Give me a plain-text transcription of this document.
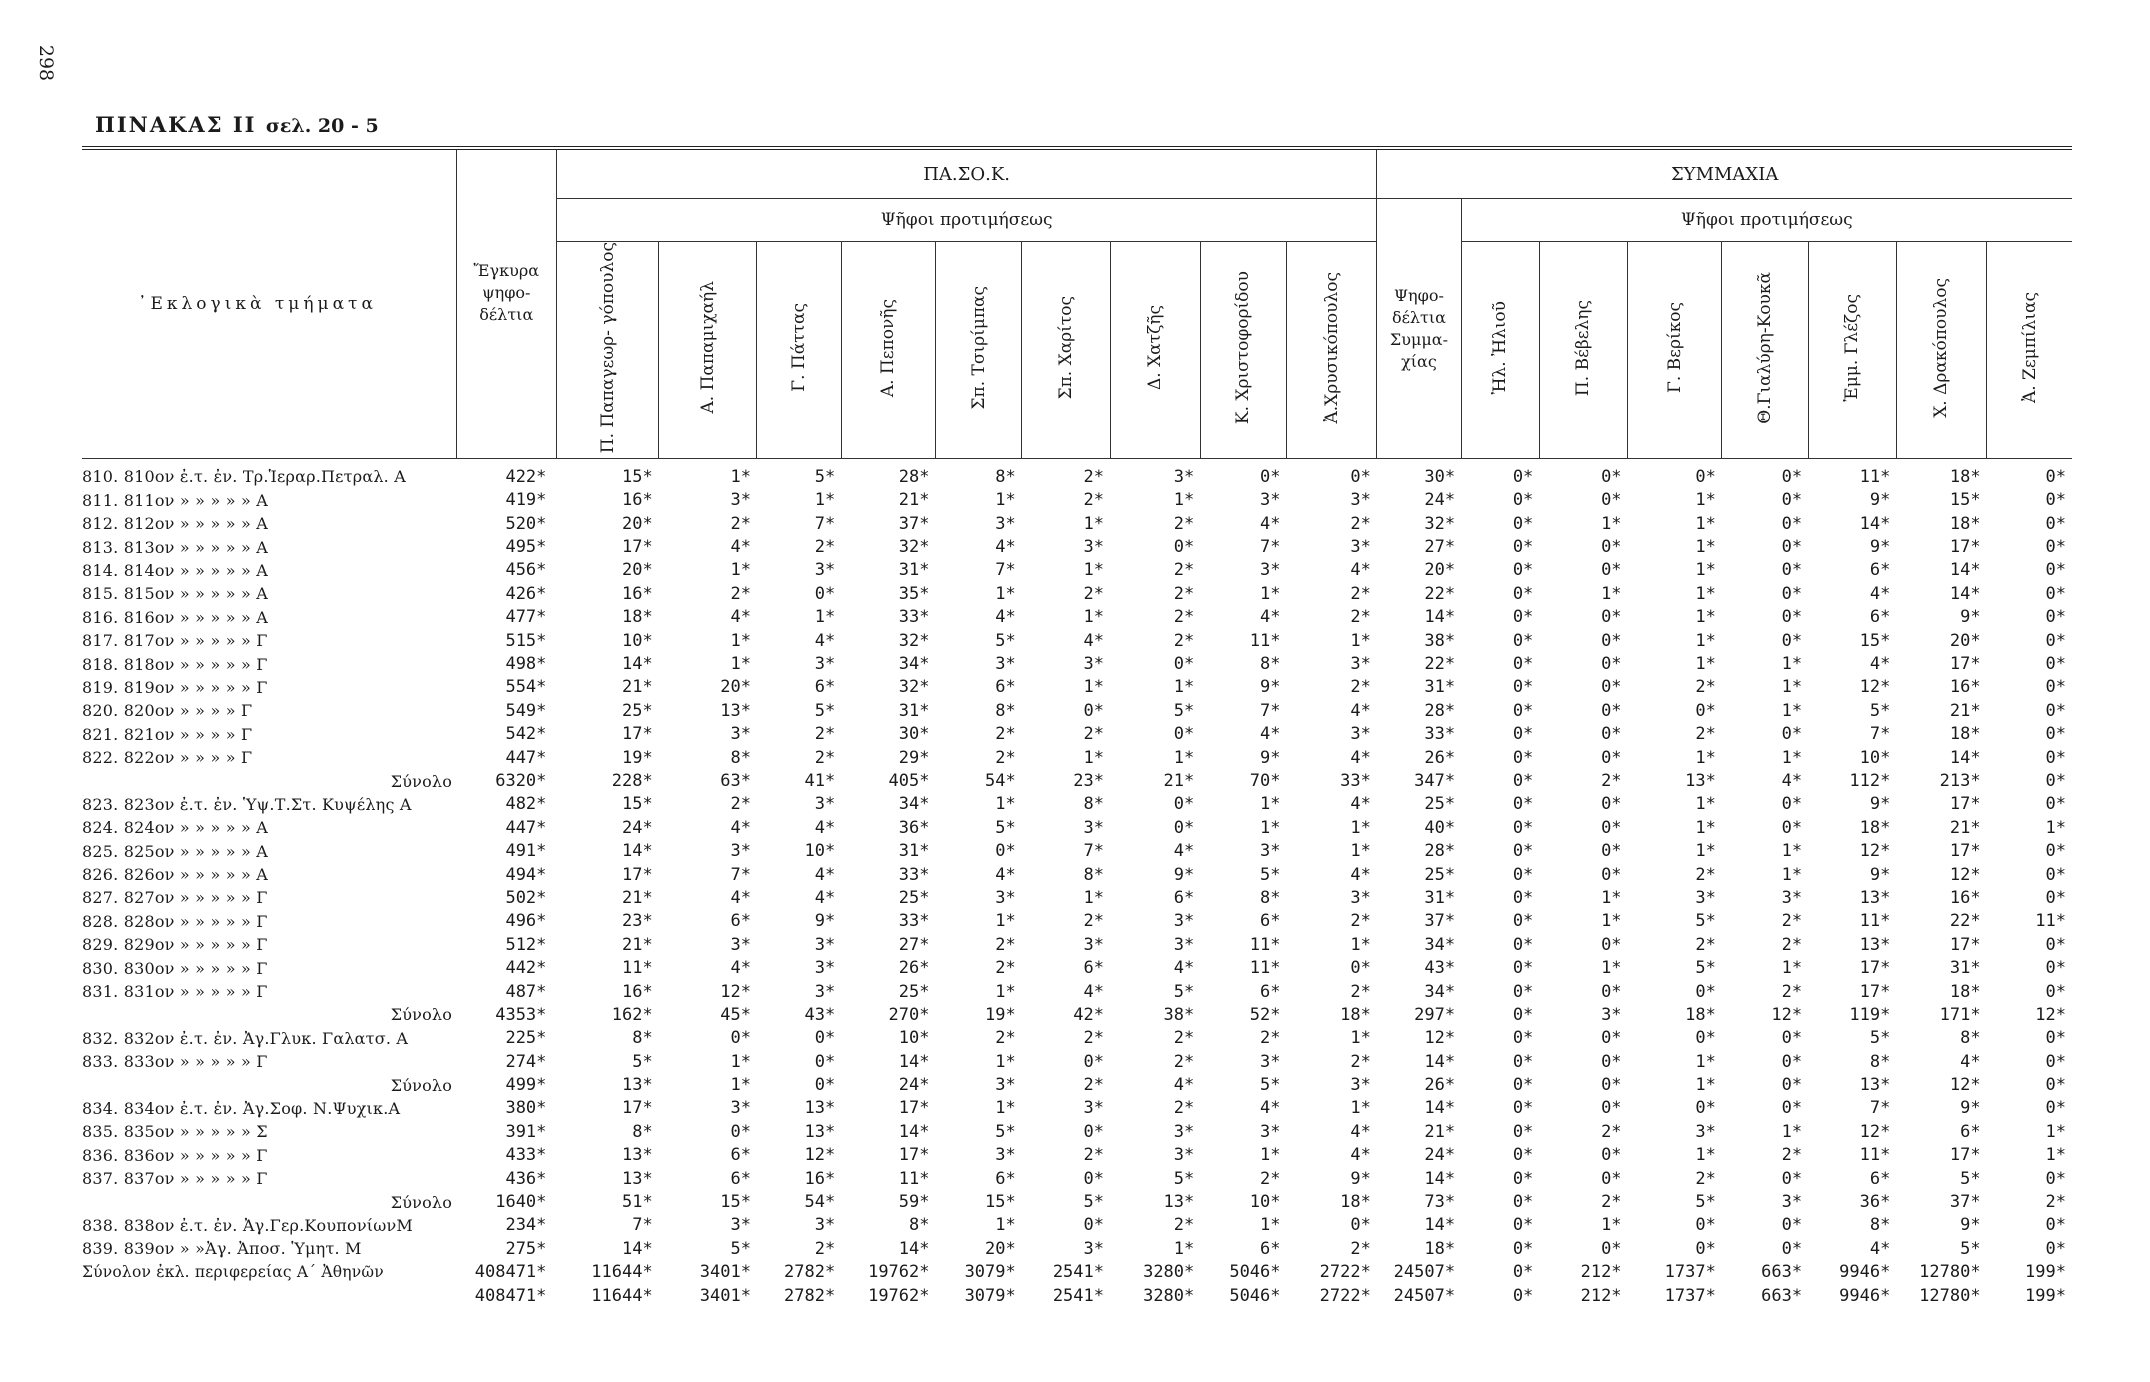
298
ΠΙΝΑΚΑΣ ΙΙ σελ. 20 - 5
᾿Εκλογικὰ τμήματα	Ἔγκυρα ψηφο- δέλτια	ΠΑ.ΣΟ.Κ.									ΣΥΜΜΑΧΙΑ							
		Ψῆφοι προτιμήσεως									Ψηφο- δέλτια Συμμα- χίας	Ψῆφοι προτιμήσεως						
		Π. Παπαγεωρ- γόπουλος	Α. Παπαμιχαήλ	Γ. Πάττας	Α. Πεπονῆς	Σπ. Τσιρίμπας	Σπ. Χαρίτος	Δ. Χατζῆς	Κ. Χριστοφορίδου	Ἀ.Χρυσικόπουλος		Ἠλ. Ἠλιοῦ	Π. Βέβελης	Γ. Βερίκος	Θ.Γιαλύρη-Κουκᾶ	Ἐμμ. Γλέζος	Χ. Δρακόπουλος	Ἀ. Ζεμπίλιας
810. 810ον ἐ.τ. ἐν. Τρ.Ἱεραρ.Πετραλ. Α	422*	15*	1*	5*	28*	8*	2*	3*	0*	0*	30*	0*	0*	0*	0*	11*	18*	0*
811. 811ον » » » » » Α	419*	16*	3*	1*	21*	1*	2*	1*	3*	3*	24*	0*	0*	1*	0*	9*	15*	0*
812. 812ον » » » » » Α	520*	20*	2*	7*	37*	3*	1*	2*	4*	2*	32*	0*	1*	1*	0*	14*	18*	0*
813. 813ον » » » » » Α	495*	17*	4*	2*	32*	4*	3*	0*	7*	3*	27*	0*	0*	1*	0*	9*	17*	0*
814. 814ον » » » » » Α	456*	20*	1*	3*	31*	7*	1*	2*	3*	4*	20*	0*	0*	1*	0*	6*	14*	0*
815. 815ον » » » » » Α	426*	16*	2*	0*	35*	1*	2*	2*	1*	2*	22*	0*	1*	1*	0*	4*	14*	0*
816. 816ον » » » » » Α	477*	18*	4*	1*	33*	4*	1*	2*	4*	2*	14*	0*	0*	1*	0*	6*	9*	0*
817. 817ον » » » » » Γ	515*	10*	1*	4*	32*	5*	4*	2*	11*	1*	38*	0*	0*	1*	0*	15*	20*	0*
818. 818ον » » » » » Γ	498*	14*	1*	3*	34*	3*	3*	0*	8*	3*	22*	0*	0*	1*	1*	4*	17*	0*
819. 819ον » » » » » Γ	554*	21*	20*	6*	32*	6*	1*	1*	9*	2*	31*	0*	0*	2*	1*	12*	16*	0*
820. 820ον » » » » Γ	549*	25*	13*	5*	31*	8*	0*	5*	7*	4*	28*	0*	0*	0*	1*	5*	21*	0*
821. 821ον » » » » Γ	542*	17*	3*	2*	30*	2*	2*	0*	4*	3*	33*	0*	0*	2*	0*	7*	18*	0*
822. 822ον » » » » Γ	447*	19*	8*	2*	29*	2*	1*	1*	9*	4*	26*	0*	0*	1*	1*	10*	14*	0*
Σύνολο	6320*	228*	63*	41*	405*	54*	23*	21*	70*	33*	347*	0*	2*	13*	4*	112*	213*	0*
823. 823ον ἐ.τ. ἐν. Ὑψ.Τ.Στ. Κυψέλης Α	482*	15*	2*	3*	34*	1*	8*	0*	1*	4*	25*	0*	0*	1*	0*	9*	17*	0*
824. 824ον » » » » » Α	447*	24*	4*	4*	36*	5*	3*	0*	1*	1*	40*	0*	0*	1*	0*	18*	21*	1*
825. 825ον » » » » » Α	491*	14*	3*	10*	31*	0*	7*	4*	3*	1*	28*	0*	0*	1*	1*	12*	17*	0*
826. 826ον » » » » » Α	494*	17*	7*	4*	33*	4*	8*	9*	5*	4*	25*	0*	0*	2*	1*	9*	12*	0*
827. 827ον » » » » » Γ	502*	21*	4*	4*	25*	3*	1*	6*	8*	3*	31*	0*	1*	3*	3*	13*	16*	0*
828. 828ον » » » » » Γ	496*	23*	6*	9*	33*	1*	2*	3*	6*	2*	37*	0*	1*	5*	2*	11*	22*	11*
829. 829ον » » » » » Γ	512*	21*	3*	3*	27*	2*	3*	3*	11*	1*	34*	0*	0*	2*	2*	13*	17*	0*
830. 830ον » » » » » Γ	442*	11*	4*	3*	26*	2*	6*	4*	11*	0*	43*	0*	1*	5*	1*	17*	31*	0*
831. 831ον » » » » » Γ	487*	16*	12*	3*	25*	1*	4*	5*	6*	2*	34*	0*	0*	0*	2*	17*	18*	0*
Σύνολο	4353*	162*	45*	43*	270*	19*	42*	38*	52*	18*	297*	0*	3*	18*	12*	119*	171*	12*
832. 832ον ἐ.τ. ἐν. Ἀγ.Γλυκ. Γαλατσ. Α	225*	8*	0*	0*	10*	2*	2*	2*	2*	1*	12*	0*	0*	0*	0*	5*	8*	0*
833. 833ον » » » » » Γ	274*	5*	1*	0*	14*	1*	0*	2*	3*	2*	14*	0*	0*	1*	0*	8*	4*	0*
Σύνολο	499*	13*	1*	0*	24*	3*	2*	4*	5*	3*	26*	0*	0*	1*	0*	13*	12*	0*
834. 834ον ἐ.τ. ἐν. Ἀγ.Σοφ. Ν.Ψυχικ.Α	380*	17*	3*	13*	17*	1*	3*	2*	4*	1*	14*	0*	0*	0*	0*	7*	9*	0*
835. 835ον » » » » » Σ	391*	8*	0*	13*	14*	5*	0*	3*	3*	4*	21*	0*	2*	3*	1*	12*	6*	1*
836. 836ον » » » » » Γ	433*	13*	6*	12*	17*	3*	2*	3*	1*	4*	24*	0*	0*	1*	2*	11*	17*	1*
837. 837ον » » » » » Γ	436*	13*	6*	16*	11*	6*	0*	5*	2*	9*	14*	0*	0*	2*	0*	6*	5*	0*
Σύνολο	1640*	51*	15*	54*	59*	15*	5*	13*	10*	18*	73*	0*	2*	5*	3*	36*	37*	2*
838. 838ον ἐ.τ. ἐν. Ἀγ.Γερ.ΚουπονίωνΜ	234*	7*	3*	3*	8*	1*	0*	2*	1*	0*	14*	0*	1*	0*	0*	8*	9*	0*
839. 839ον » »Ἀγ. Ἀποσ. Ὑμητ. Μ	275*	14*	5*	2*	14*	20*	3*	1*	6*	2*	18*	0*	0*	0*	0*	4*	5*	0*
Σύνολον ἐκλ. περιφερείας Α΄ Ἀθηνῶν	408471*	11644*	3401*	2782*	19762*	3079*	2541*	3280*	5046*	2722*	24507*	0*	212*	1737*	663*	9946*	12780*	199*
	408471*	11644*	3401*	2782*	19762*	3079*	2541*	3280*	5046*	2722*	24507*	0*	212*	1737*	663*	9946*	12780*	199*
